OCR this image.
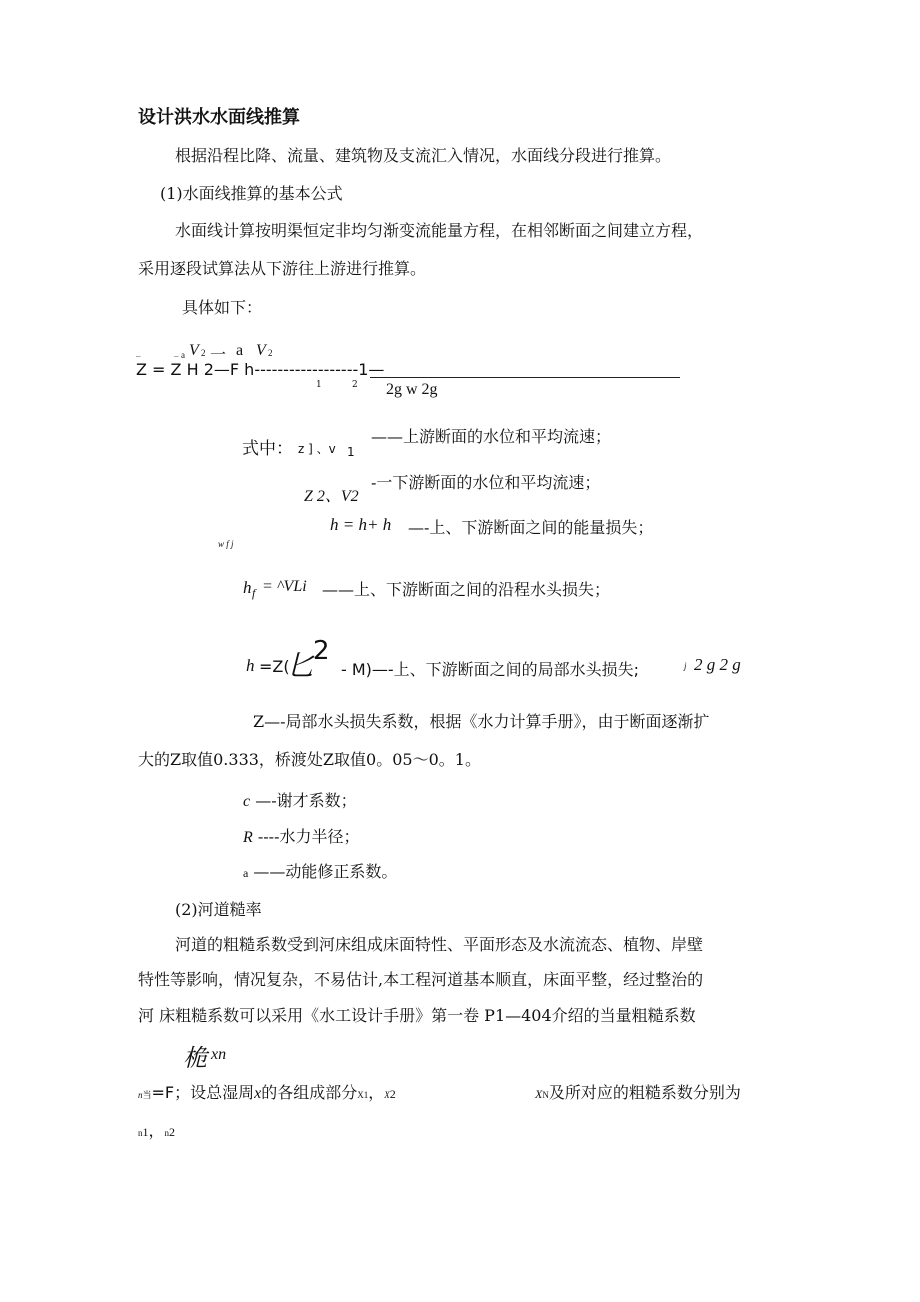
设计洪水水面线推算
根据沿程比降、流量、建筑物及支流汇入情况，水面线分段进行推算。
(1)水面线推算的基本公式
水面线计算按明渠恒定非均匀渐变流能量方程，在相邻断面之间建立方程，
采用逐段试算法从下游往上游进行推算。
具体如下：
_	_ a V 2 一 a V 2
Z = Z H 2—F h------------------1—
1	2 2g w 2g
式中： z ] 、v 1
——上游断面的水位和平均流速；
Z 2、V2
-一下游断面的水位和平均流速；
h = h+ h —-上、下游断面之间的能量损失；
w f j
h f = ^VLi ——上、下游断面之间的沿程水头损失；
h =Z(
匕
2
- M)—-上、下游断面之间的局部水头损失;	j 2 g 2 g
Z—-局部水头损失系数，根据《水力计算手册》，由于断面逐渐扩
大的Z取值0.333，桥渡处Z取值0。05〜0。1。
c —-谢才系数；
R ----水力半径；
a ——动能修正系数。
(2)河道糙率
河道的粗糙系数受到河床组成床面特性、平面形态及水流流态、植物、岸壁
特性等影响，情况复杂，不易估计,本工程河道基本顺直，床面平整，经过整治的
河 床粗糙系数可以采用《水工设计手册》第一卷 P1—404介绍的当量粗糙系数
桅 xn
n当=F；设总湿周x的各组成部分X1，X2	XN及所对应的粗糙系数分别为
n1，n2
